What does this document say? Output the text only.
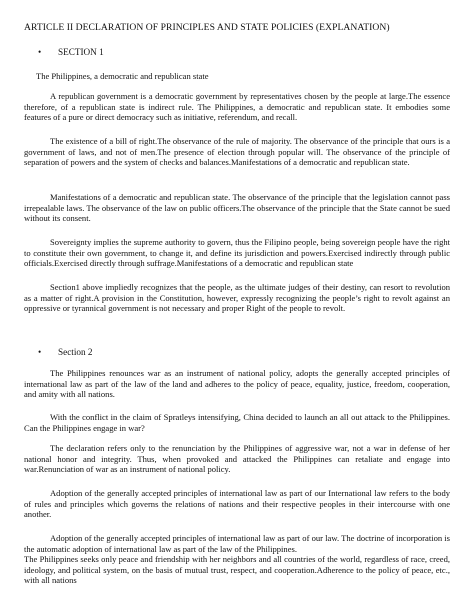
ARTICLE II DECLARATION OF PRINCIPLES AND STATE POLICIES (EXPLANATION)
• SECTION 1
The Philippines, a democratic and republican state
A republican government is a democratic government by representatives chosen by the people at large.The essence therefore, of a republican state is indirect rule. The Philippines, a democratic and republican state. It embodies some features of a pure or direct democracy such as initiative, referendum, and recall.
The existence of a bill of right.The observance of the rule of majority. The observance of the principle that ours is a government of laws, and not of men.The presence of election through popular will. The observance of the principle of separation of powers and the system of checks and balances.Manifestations of a democratic and republican state.
Manifestations of a democratic and republican state. The observance of the principle that the legislation cannot pass irrepealable laws. The observance of the law on public officers.The observance of the principle that the State cannot be sued without its consent.
Sovereignty implies the supreme authority to govern, thus the Filipino people, being sovereign people have the right to constitute their own government, to change it, and define its jurisdiction and powers.Exercised indirectly through public officials.Exercised directly through suffrage.Manifestations of a democratic and republican state
Section1 above impliedly recognizes that the people, as the ultimate judges of their destiny, can resort to revolution as a matter of right.A provision in the Constitution, however, expressly recognizing the people’s right to revolt against an oppressive or tyrannical government is not necessary and proper Right of the people to revolt.
• Section 2
The Philippines renounces war as an instrument of national policy, adopts the generally accepted principles of international law as part of the law of the land and adheres to the policy of peace, equality, justice, freedom, cooperation, and amity with all nations.
With the conflict in the claim of Spratleys intensifying, China decided to launch an all out attack to the Philippines. Can the Philippines engage in war?
The declaration refers only to the renunciation by the Philippines of aggressive war, not a war in defense of her national honor and integrity. Thus, when provoked and attacked the Philippines can retaliate and engage into war.Renunciation of war as an instrument of national policy.
Adoption of the generally accepted principles of international law as part of our International law refers to the body of rules and principles which governs the relations of nations and their respective peoples in their intercourse with one another.
Adoption of the generally accepted principles of international law as part of our law. The doctrine of incorporation is the automatic adoption of international law as part of the law of the Philippines.
The Philippines seeks only peace and friendship with her neighbors and all countries of the world, regardless of race, creed, ideology, and political system, on the basis of mutual trust, respect, and cooperation.Adherence to the policy of peace, etc., with all nations
